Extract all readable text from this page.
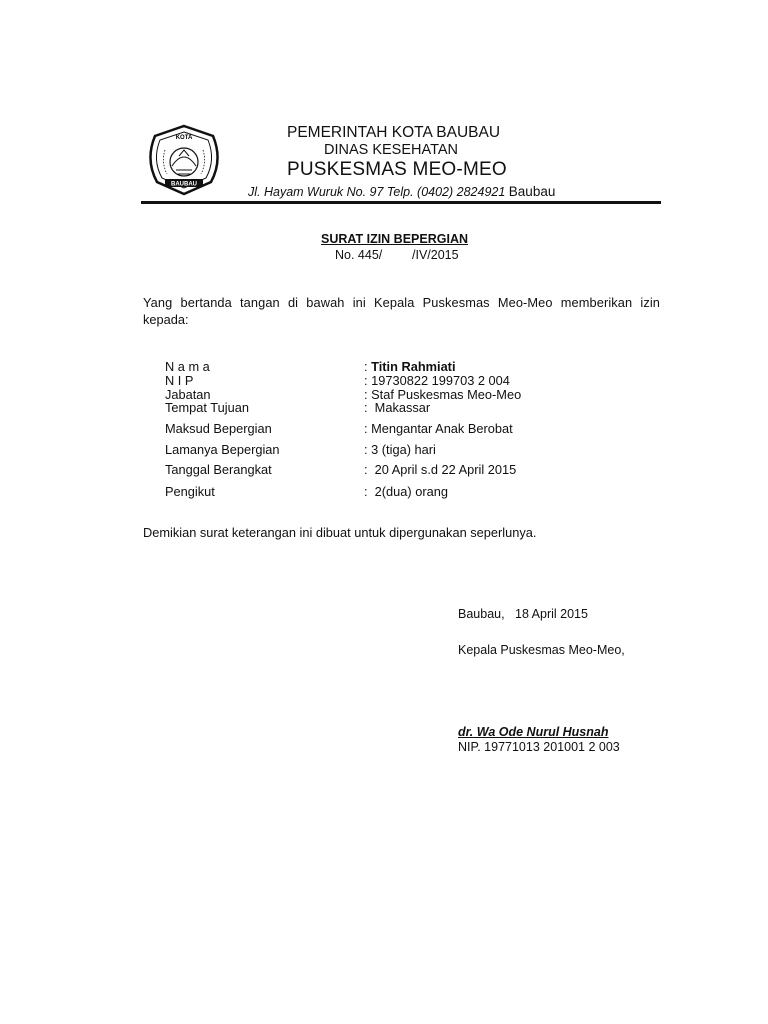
KOTA
BAUBAU
PEMERINTAH KOTA BAUBAU
DINAS KESEHATAN
PUSKESMAS MEO-MEO
Jl. Hayam Wuruk No. 97 Telp. (0402) 2824921 Baubau
SURAT IZIN BEPERGIAN
No. 445/ /IV/2015
Yang bertanda tangan di bawah ini Kepala Puskesmas Meo-Meo memberikan izin
kepada:
N a m a	: Titin Rahmiati
N I P	: 19730822 199703 2 004
Jabatan	: Staf Puskesmas Meo-Meo
Tempat Tujuan	:  Makassar
Maksud Bepergian	: Mengantar Anak Berobat
Lamanya Bepergian	: 3 (tiga) hari
Tanggal Berangkat	:  20 April s.d 22 April 2015
Pengikut	:  2(dua) orang
Demikian surat keterangan ini dibuat untuk dipergunakan seperlunya.
Baubau,   18 April 2015
Kepala Puskesmas Meo-Meo,
dr. Wa Ode Nurul Husnah
NIP. 19771013 201001 2 003
